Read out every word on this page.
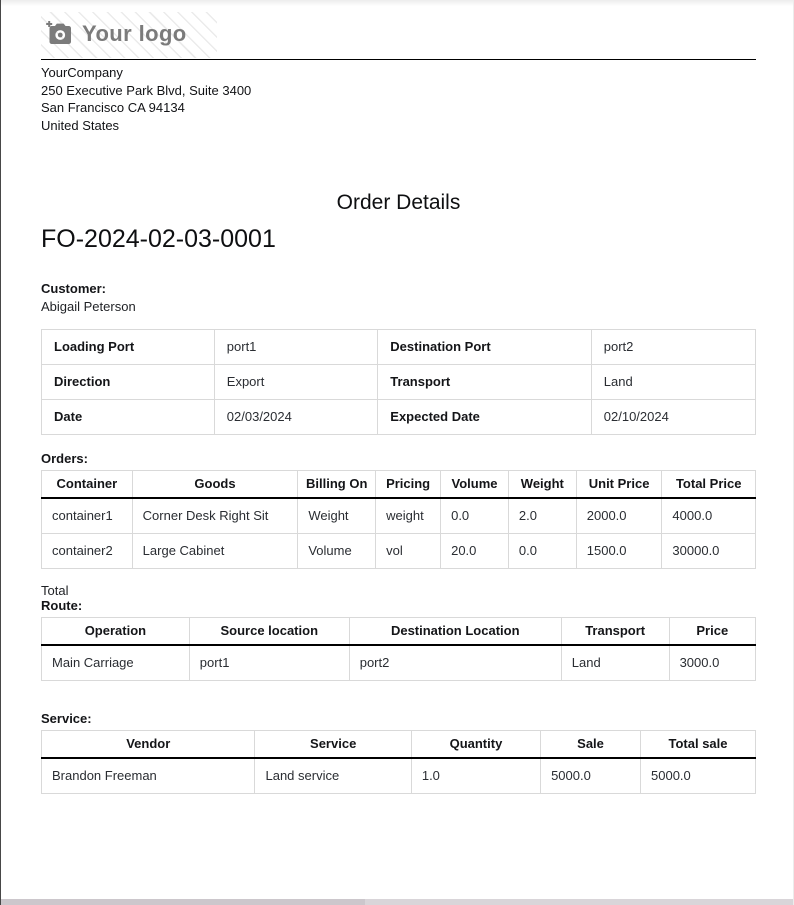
Your logo
YourCompany
250 Executive Park Blvd, Suite 3400
San Francisco CA 94134
United States
Order Details
FO-2024-02-03-0001
Customer:
Abigail Peterson
Loading Port	port1	Destination Port	port2
Direction	Export	Transport	Land
Date	02/03/2024	Expected Date	02/10/2024
Orders:
Container	Goods	Billing On	Pricing	Volume	Weight	Unit Price	Total Price
container1	Corner Desk Right Sit	Weight	weight	0.0	2.0	2000.0	4000.0
container2	Large Cabinet	Volume	vol	20.0	0.0	1500.0	30000.0
Total
Route:
Operation	Source location	Destination Location	Transport	Price
Main Carriage	port1	port2	Land	3000.0
Service:
Vendor	Service	Quantity	Sale	Total sale
Brandon Freeman	Land service	1.0	5000.0	5000.0
